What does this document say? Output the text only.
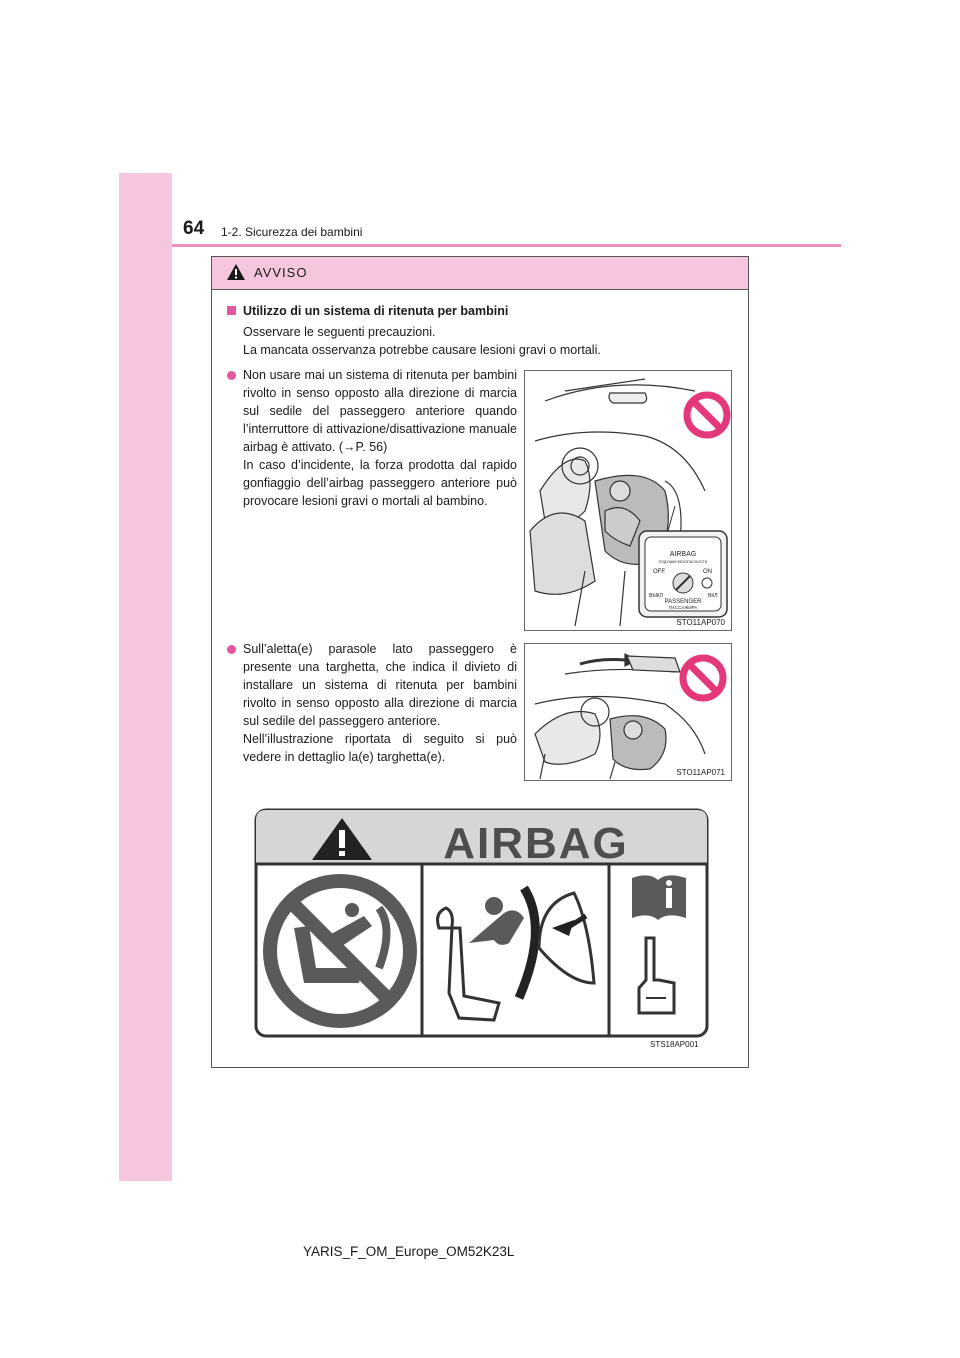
64 1-2. Sicurezza dei bambini
AVVISO
Utilizzo di un sistema di ritenuta per bambini
Osservare le seguenti precauzioni.
La mancata osservanza potrebbe causare lesioni gravi o mortali.
Non usare mai un sistema di ritenuta per bambini rivolto in senso opposto alla direzione di marcia sul sedile del passeggero anteriore quando l’interruttore di attivazione/disattivazione manuale airbag è attivato. (→P. 56)
In caso d’incidente, la forza prodotta dal rapido gonfiaggio dell’airbag passeggero anteriore può provocare lesioni gravi o mortali al bambino.
AIRBAG
ПОДУШКИ БЕЗОПАСНОСТИ
OFF	ON
ВЫКЛ	ВКЛ
PASSENGER
ПАССАЖИРА
STO11AP070
Sull’aletta(e) parasole lato passeggero è presente una targhetta, che indica il divieto di installare un sistema di ritenuta per bambini rivolto in senso opposto alla direzione di marcia sul sedile del passeggero anteriore.
Nell’illustrazione riportata di seguito si può vedere in dettaglio la(e) targhetta(e).
STO11AP071
AIRBAG
STS18AP001
YARIS_F_OM_Europe_OM52K23L
